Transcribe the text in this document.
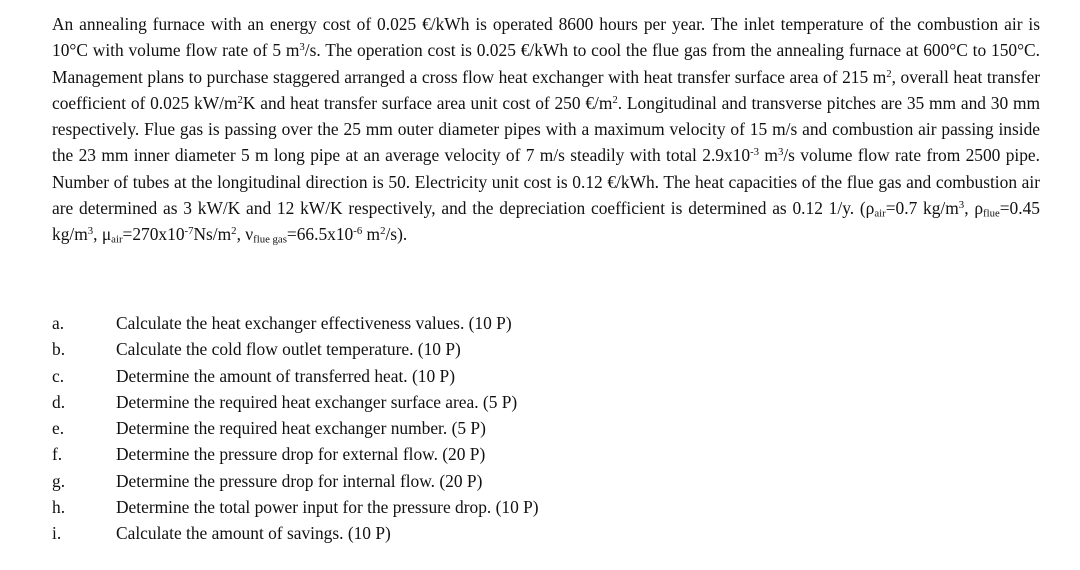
An annealing furnace with an energy cost of 0.025 €/kWh is operated 8600 hours per year. The inlet temperature of the combustion air is 10°C with volume flow rate of 5 $m^3/s$. The operation cost is 0.025 €/kWh to cool the flue gas from the annealing furnace at 600°C to 150°C. Management plans to purchase staggered arranged a cross flow heat exchanger with heat transfer surface area of 215 $m^2$, overall heat transfer coefficient of 0.025 $kW/m^2K$ and heat transfer surface area unit cost of 250 $€/m^2$. Longitudinal and transverse pitches are 35 mm and 30 mm respectively. Flue gas is passing over the 25 mm outer diameter pipes with a maximum velocity of 15 m/s and combustion air passing inside the 23 mm inner diameter 5 m long pipe at an average velocity of 7 m/s steadily with total $2.9x10^{-3}$ $m^3/s$ volume flow rate from 2500 pipe. Number of tubes at the longitudinal direction is 50. Electricity unit cost is 0.12 €/kWh. The heat capacities of the flue gas and combustion air are determined as 3 kW/K and 12 kW/K respectively, and the depreciation coefficient is determined as 0.12 1/y. ($\rho_{air}=0.7$ $kg/m^3$, $\rho_{flue}=0.45$ $kg/m^3$, $\mu_{air}=270x10^{-7}Ns/m^2$, $\nu_{flue gas}=66.5x10^{-6}$ $m^2/s$).

a.	Calculate the heat exchanger effectiveness values. (10 P)
b.	Calculate the cold flow outlet temperature. (10 P)
c.	Determine the amount of transferred heat. (10 P)
d.	Determine the required heat exchanger surface area. (5 P)
e.	Determine the required heat exchanger number. (5 P)
f.	Determine the pressure drop for external flow. (20 P)
g.	Determine the pressure drop for internal flow. (20 P)
h.	Determine the total power input for the pressure drop. (10 P)
i.	Calculate the amount of savings. (10 P)
